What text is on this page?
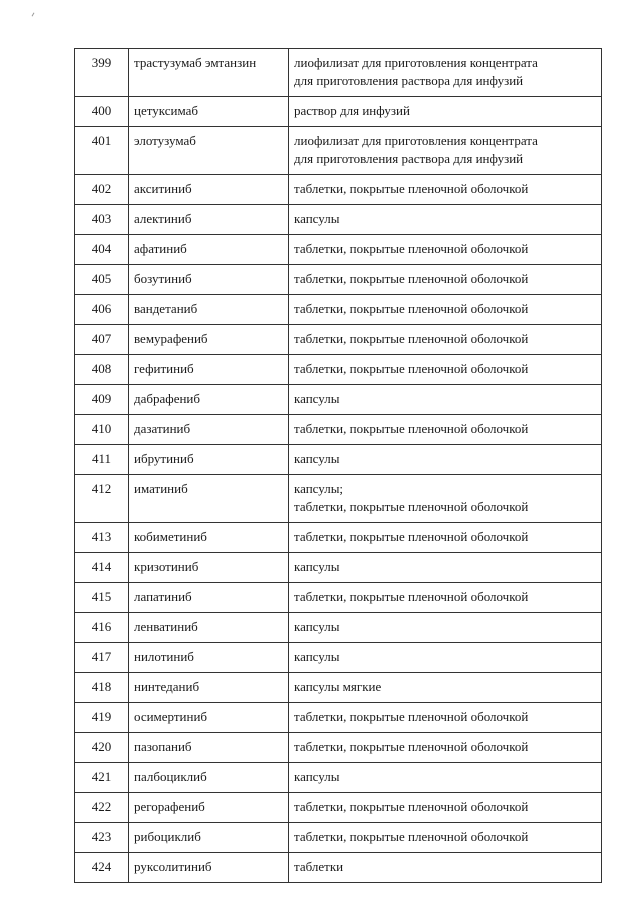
399	трастузумаб эмтанзин	лиофилизат для приготовления концентрата
для приготовления раствора для инфузий

400	цетуксимаб	раствор для инфузий

401	элотузумаб	лиофилизат для приготовления концентрата
для приготовления раствора для инфузий

402	акситиниб	таблетки, покрытые пленочной оболочкой

403	алектиниб	капсулы

404	афатиниб	таблетки, покрытые пленочной оболочкой

405	бозутиниб	таблетки, покрытые пленочной оболочкой

406	вандетаниб	таблетки, покрытые пленочной оболочкой

407	вемурафениб	таблетки, покрытые пленочной оболочкой

408	гефитиниб	таблетки, покрытые пленочной оболочкой

409	дабрафениб	капсулы

410	дазатиниб	таблетки, покрытые пленочной оболочкой

411	ибрутиниб	капсулы

412	иматиниб	капсулы;
таблетки, покрытые пленочной оболочкой

413	кобиметиниб	таблетки, покрытые пленочной оболочкой

414	кризотиниб	капсулы

415	лапатиниб	таблетки, покрытые пленочной оболочкой

416	ленватиниб	капсулы

417	нилотиниб	капсулы

418	нинтеданиб	капсулы мягкие

419	осимертиниб	таблетки, покрытые пленочной оболочкой

420	пазопаниб	таблетки, покрытые пленочной оболочкой

421	палбоциклиб	капсулы

422	регорафениб	таблетки, покрытые пленочной оболочкой

423	рибоциклиб	таблетки, покрытые пленочной оболочкой

424	руксолитиниб	таблетки
